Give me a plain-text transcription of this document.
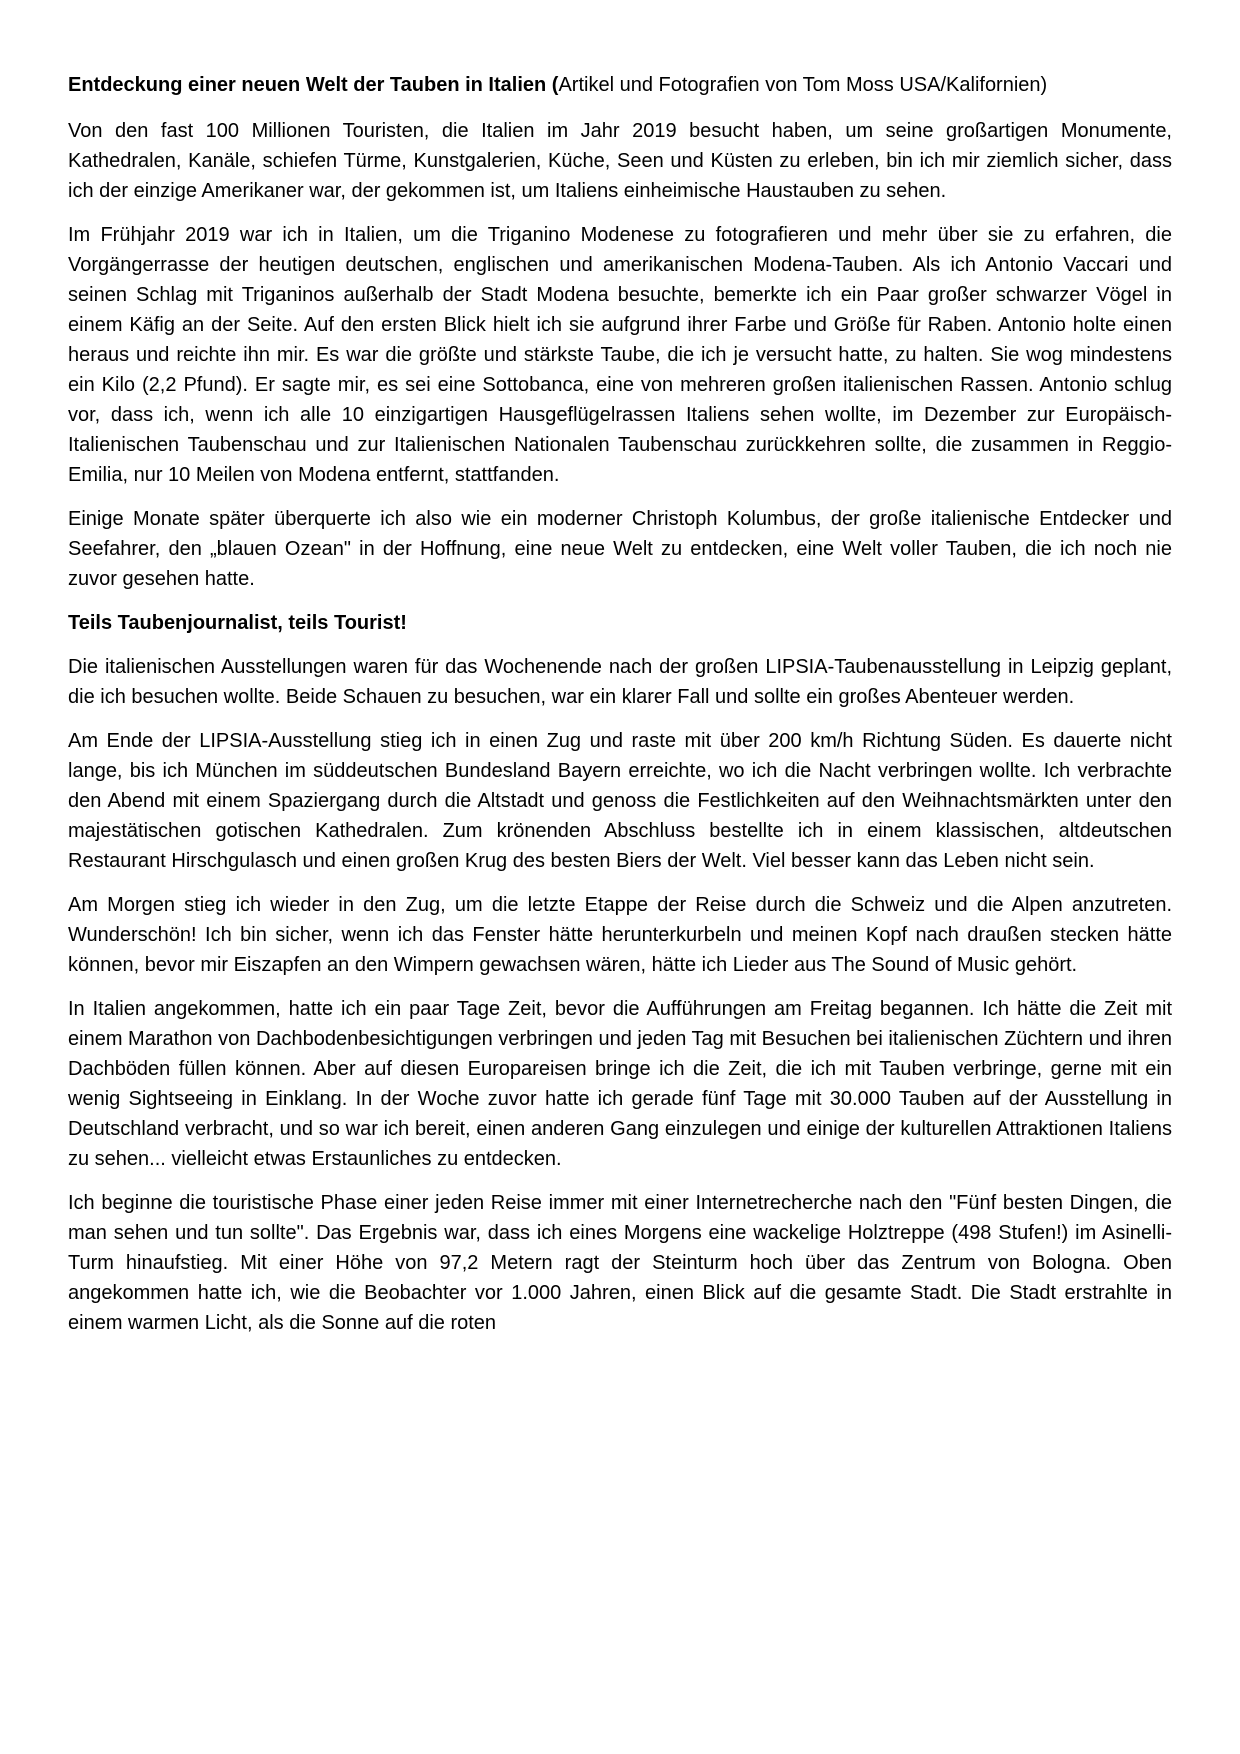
Entdeckung einer neuen Welt der Tauben in Italien (Artikel und Fotografien von Tom Moss USA/Kalifornien)

Von den fast 100 Millionen Touristen, die Italien im Jahr 2019 besucht haben, um seine großartigen Monumente, Kathedralen, Kanäle, schiefen Türme, Kunstgalerien, Küche, Seen und Küsten zu erleben, bin ich mir ziemlich sicher, dass ich der einzige Amerikaner war, der gekommen ist, um Italiens einheimische Haustauben zu sehen.

Im Frühjahr 2019 war ich in Italien, um die Triganino Modenese zu fotografieren und mehr über sie zu erfahren, die Vorgängerrasse der heutigen deutschen, englischen und amerikanischen Modena-Tauben. Als ich Antonio Vaccari und seinen Schlag mit Triganinos außerhalb der Stadt Modena besuchte, bemerkte ich ein Paar großer schwarzer Vögel in einem Käfig an der Seite. Auf den ersten Blick hielt ich sie aufgrund ihrer Farbe und Größe für Raben. Antonio holte einen heraus und reichte ihn mir. Es war die größte und stärkste Taube, die ich je versucht hatte, zu halten. Sie wog mindestens ein Kilo (2,2 Pfund). Er sagte mir, es sei eine Sottobanca, eine von mehreren großen italienischen Rassen. Antonio schlug vor, dass ich, wenn ich alle 10 einzigartigen Hausgeflügelrassen Italiens sehen wollte, im Dezember zur Europäisch-Italienischen Taubenschau und zur Italienischen Nationalen Taubenschau zurückkehren sollte, die zusammen in Reggio-Emilia, nur 10 Meilen von Modena entfernt, stattfanden.

Einige Monate später überquerte ich also wie ein moderner Christoph Kolumbus, der große italienische Entdecker und Seefahrer, den „blauen Ozean" in der Hoffnung, eine neue Welt zu entdecken, eine Welt voller Tauben, die ich noch nie zuvor gesehen hatte.

Teils Taubenjournalist, teils Tourist!

Die italienischen Ausstellungen waren für das Wochenende nach der großen LIPSIA-Taubenausstellung in Leipzig geplant, die ich besuchen wollte. Beide Schauen zu besuchen, war ein klarer Fall und sollte ein großes Abenteuer werden.

Am Ende der LIPSIA-Ausstellung stieg ich in einen Zug und raste mit über 200 km/h Richtung Süden. Es dauerte nicht lange, bis ich München im süddeutschen Bundesland Bayern erreichte, wo ich die Nacht verbringen wollte. Ich verbrachte den Abend mit einem Spaziergang durch die Altstadt und genoss die Festlichkeiten auf den Weihnachtsmärkten unter den majestätischen gotischen Kathedralen. Zum krönenden Abschluss bestellte ich in einem klassischen, altdeutschen Restaurant Hirschgulasch und einen großen Krug des besten Biers der Welt. Viel besser kann das Leben nicht sein.

Am Morgen stieg ich wieder in den Zug, um die letzte Etappe der Reise durch die Schweiz und die Alpen anzutreten. Wunderschön! Ich bin sicher, wenn ich das Fenster hätte herunterkurbeln und meinen Kopf nach draußen stecken hätte können, bevor mir Eiszapfen an den Wimpern gewachsen wären, hätte ich Lieder aus The Sound of Music gehört.

In Italien angekommen, hatte ich ein paar Tage Zeit, bevor die Aufführungen am Freitag begannen. Ich hätte die Zeit mit einem Marathon von Dachbodenbesichtigungen verbringen und jeden Tag mit Besuchen bei italienischen Züchtern und ihren Dachböden füllen können. Aber auf diesen Europareisen bringe ich die Zeit, die ich mit Tauben verbringe, gerne mit ein wenig Sightseeing in Einklang. In der Woche zuvor hatte ich gerade fünf Tage mit 30.000 Tauben auf der Ausstellung in Deutschland verbracht, und so war ich bereit, einen anderen Gang einzulegen und einige der kulturellen Attraktionen Italiens zu sehen... vielleicht etwas Erstaunliches zu entdecken.

Ich beginne die touristische Phase einer jeden Reise immer mit einer Internetrecherche nach den "Fünf besten Dingen, die man sehen und tun sollte". Das Ergebnis war, dass ich eines Morgens eine wackelige Holztreppe (498 Stufen!) im Asinelli-Turm hinaufstieg. Mit einer Höhe von 97,2 Metern ragt der Steinturm hoch über das Zentrum von Bologna. Oben angekommen hatte ich, wie die Beobachter vor 1.000 Jahren, einen Blick auf die gesamte Stadt. Die Stadt erstrahlte in einem warmen Licht, als die Sonne auf die roten
